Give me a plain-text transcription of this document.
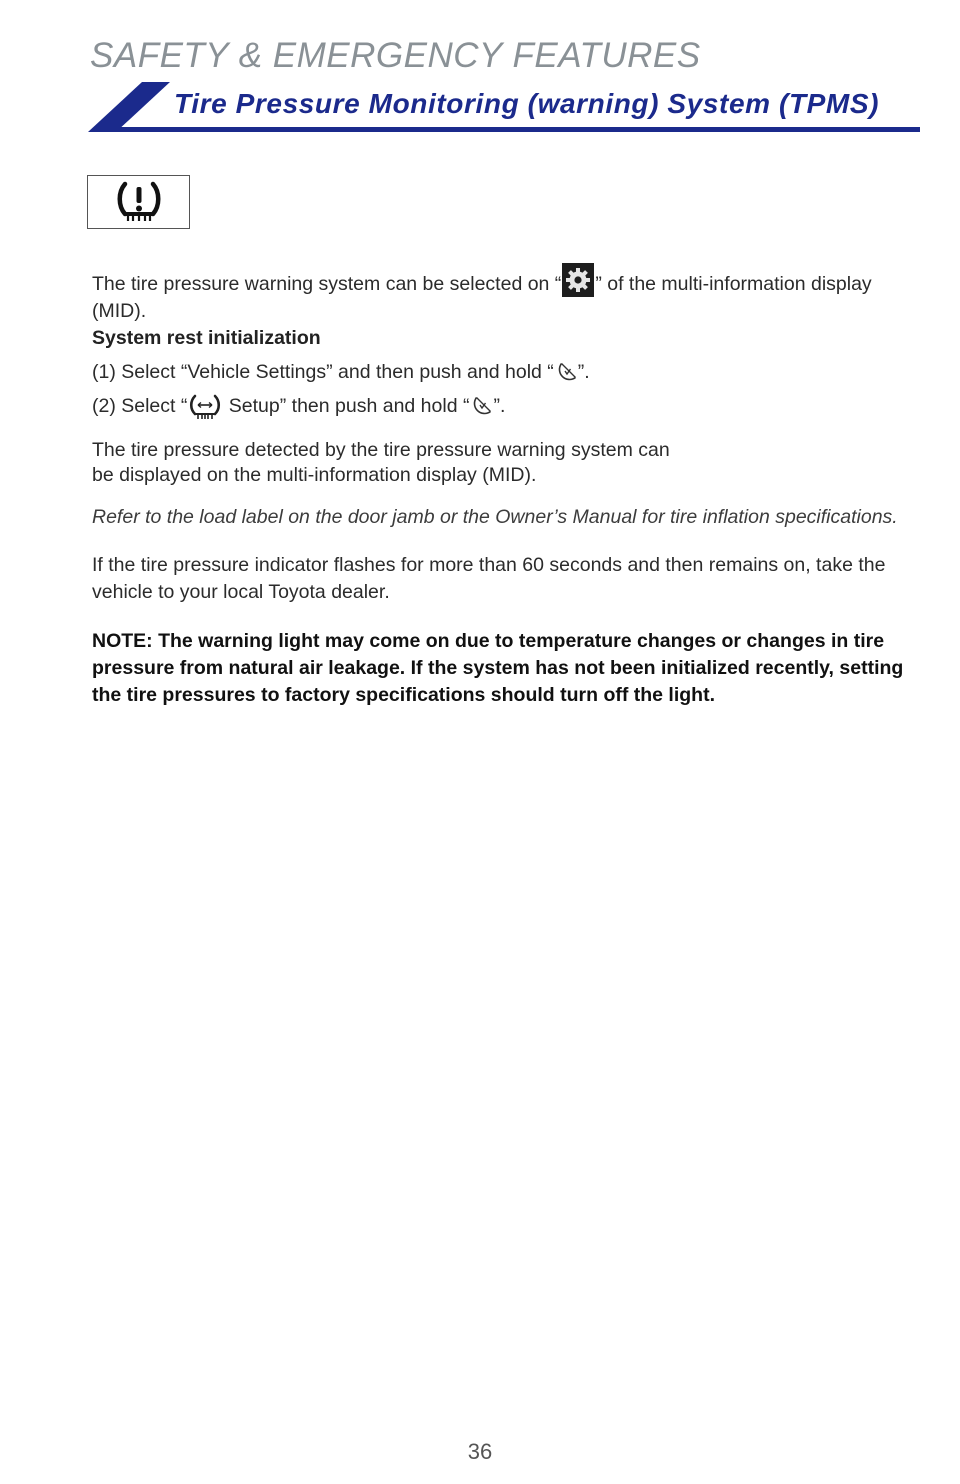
SAFETY & EMERGENCY FEATURES
Tire Pressure Monitoring (warning) System (TPMS)

The tire pressure warning system can be selected on “ ” of the multi-information display (MID).

System rest initialization

(1) Select “Vehicle Settings” and then push and hold “ ”.

(2) Select “ Setup” then push and hold “ ”.

The tire pressure detected by the tire pressure warning system can
be displayed on the multi-information display (MID).

Refer to the load label on the door jamb or the Owner’s Manual for tire inflation specifications.

If the tire pressure indicator flashes for more than 60 seconds and then remains on, take the vehicle to your local Toyota dealer.

NOTE: The warning light may come on due to temperature changes or changes in tire pressure from natural air leakage. If the system has not been initialized recently, setting the tire pressures to factory specifications should turn off the light.

36
